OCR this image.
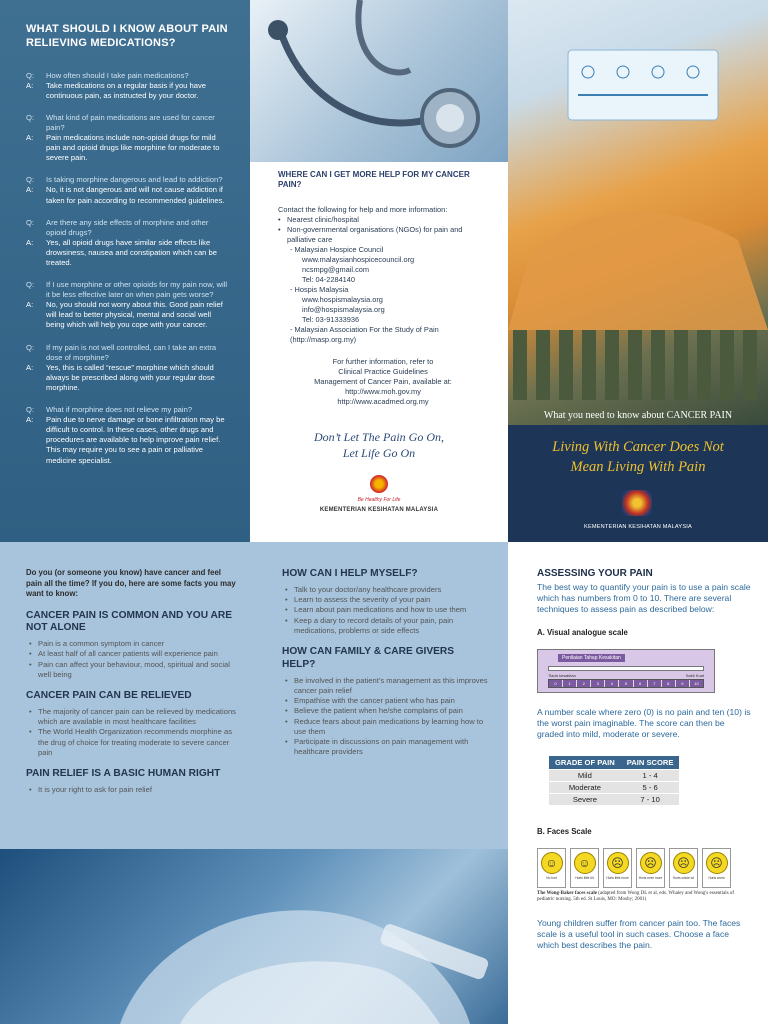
WHAT SHOULD I KNOW ABOUT PAIN RELIEVING MEDICATIONS?
Q:	How often should I take pain medications?
A:	Take medications on a regular basis if you have continuous pain, as instructed by your doctor.
Q:	What kind of pain medications are used for cancer pain?
A:	Pain medications include non-opioid drugs for mild pain and opioid drugs like morphine for moderate to severe pain.
Q:	Is taking morphine dangerous and lead to addiction?
A:	No, it is not dangerous and will not cause addiction if taken for pain according to recommended guidelines.
Q:	Are there any side effects of morphine and other opioid drugs?
A:	Yes, all opioid drugs have similar side effects like drowsiness, nausea and constipation which can be treated.
Q:	If I use morphine or other opioids for my pain now, will it be less effective later on when pain gets worse?
A:	No, you should not worry about this. Good pain relief will lead to better physical, mental and social well being which will help you cope with your cancer.
Q:	If my pain is not well controlled, can I take an extra dose of morphine?
A:	Yes, this is called “rescue” morphine which should always be prescribed along with your regular dose morphine.
Q:	What if morphine does not relieve my pain?
A:	Pain due to nerve damage or bone infiltration may be difficult to control. In these cases, other drugs and procedures are available to help improve pain relief. This may require you to see a pain or palliative medicine specialist.
WHERE CAN I GET MORE HELP FOR MY CANCER PAIN?
Contact the following for help and more information:
• Nearest clinic/hospital
• Non-governmental organisations (NGOs) for pain and palliative care
- Malaysian Hospice Council
www.malaysianhospicecouncil.org
ncsmpg@gmail.com
Tel: 04-2284140
- Hospis Malaysia
www.hospismalaysia.org
info@hospismalaysia.org
Tel: 03-91333936
- Malaysian Association For the Study of Pain (http://masp.org.my)
For further information, refer to
Clinical Practice Guidelines
Management of Cancer Pain, available at:
http://www.moh.gov.my
http://www.acadmed.org.my
Don’t Let The Pain Go On,
Let Life Go On
Be Healthy For Life
KEMENTERIAN KESIHATAN MALAYSIA
What you need to know about CANCER PAIN
Living With Cancer Does Not
Mean Living With Pain
KEMENTERIAN KESIHATAN MALAYSIA
Do you (or someone you know) have cancer and feel pain all the time? If you do, here are some facts you may want to know:
CANCER PAIN IS COMMON AND YOU ARE NOT ALONE
• Pain is a common symptom in cancer
• At least half of all cancer patients will experience pain
• Pain can affect your behaviour, mood, spiritual and social well being
CANCER PAIN CAN BE RELIEVED
• The majority of cancer pain can be relieved by medications which are available in most healthcare facilities
• The World Health Organization recommends morphine as the drug of choice for treating moderate to severe cancer pain
PAIN RELIEF IS A BASIC HUMAN RIGHT
• It is your right to ask for pain relief
HOW CAN I HELP MYSELF?
• Talk to your doctor/any healthcare providers
• Learn to assess the severity of your pain
• Learn about pain medications and how to use them
• Keep a diary to record details of your pain, pain medications, problems or side effects
HOW CAN FAMILY & CARE GIVERS HELP?
• Be involved in the patient’s management as this improves cancer pain relief
• Empathise with the cancer patient who has pain
• Believe the patient when he/she complains of pain
• Reduce fears about pain medications by learning how to use them
• Participate in discussions on pain management with healthcare providers
ASSESSING YOUR PAIN
The best way to quantify your pain is to use a pain scale which has numbers from 0 to 10. There are several techniques to assess pain as described below:
A. Visual analogue scale
Penilaian Tahap Kesakitan
Tiada kesakitan	Sakit Kuat
0	1	2	3	4	5	6	7	8	9	10
A number scale where zero (0) is no pain and ten (10) is the worst pain imaginable. The score can then be graded into mild, moderate or severe.
GRADE OF PAIN	PAIN SCORE
Mild	1 - 4
Moderate	5 - 6
Severe	7 - 10
B. Faces Scale
☺
No hurt
☺
Hurts little bit
☹
Hurts little more
☹
Hurts even more
☹
Hurts whole lot
☹
Hurts worst
The Wong-Baker faces scale (adapted from Wong DL et al, eds. Whaley and Wong's essentials of pediatric nursing. 5th ed. St Louis, MO: Mosby; 2001)
Young children suffer from cancer pain too. The faces scale is a useful tool in such cases. Choose a face which best describes the pain.
